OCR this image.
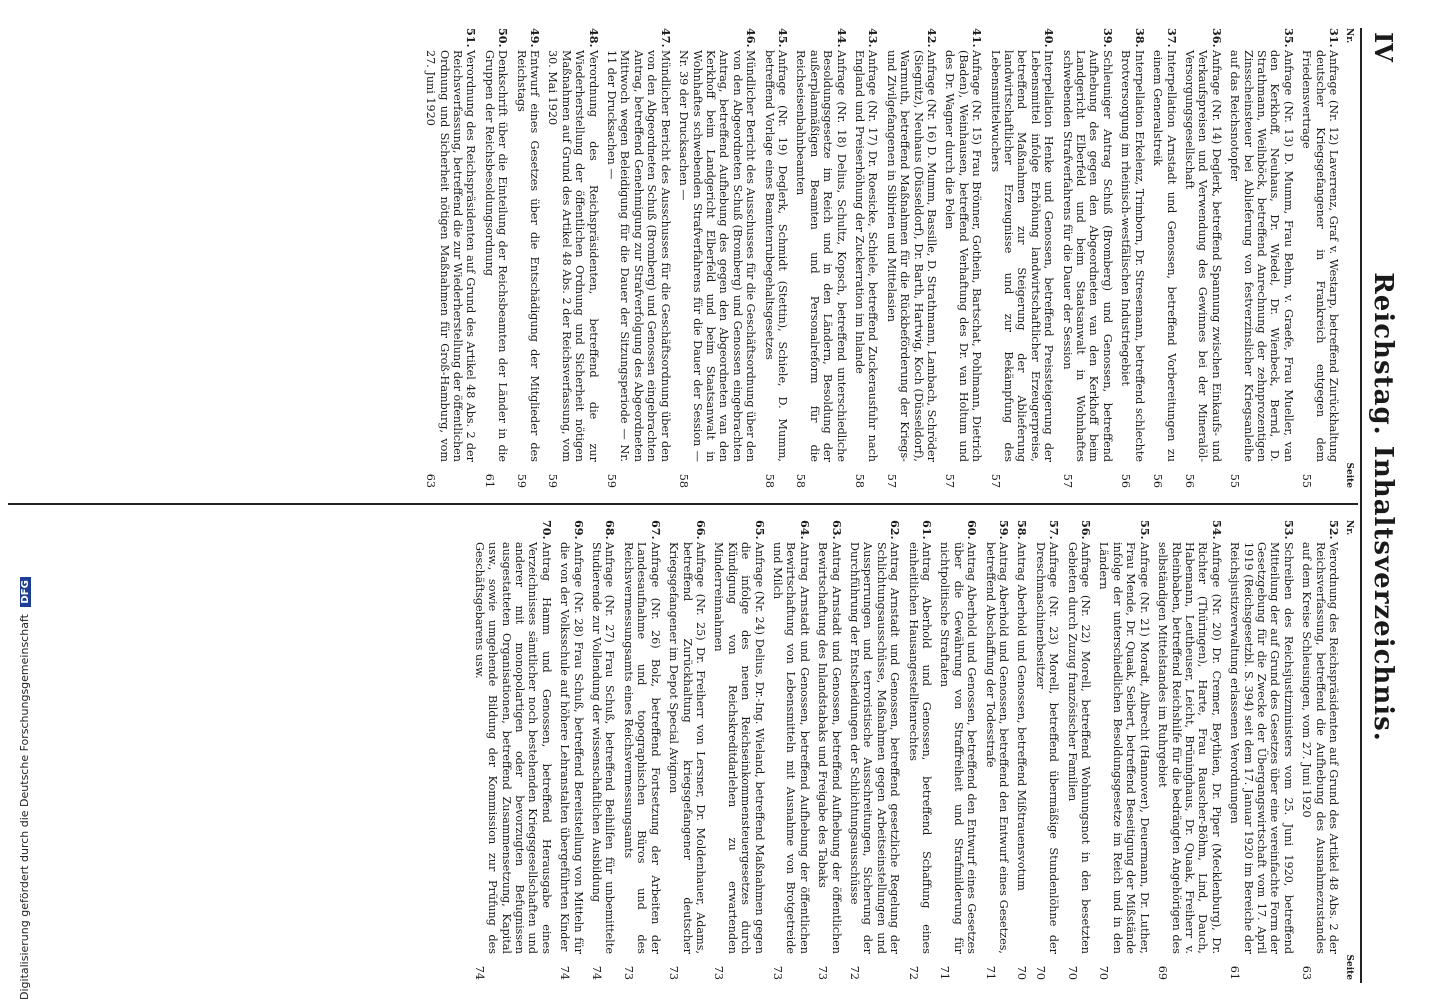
IV
Reichstag. Inhaltsverzeichnis.
Nr.
Seite
31.
Anfrage (Nr. 12) Laverrenz, Graf v. Westarp, betreffend Zurückhaltung deutscher Kriegsgefangener in Frankreich entgegen dem Friedensvertrage
55
35.
Anfrage (Nr. 13) D. Mumm, Frau Behm, v. Graefe, Frau Mueller, van den Kerkhoff, Neuhaus, Dr. Wiedel, Dr. Wienbeck, Bernd, D. Strathmann, Weilnböck, betreffend Anrechnung der zehnprozentigen Zinsscheinsteuer bei Ablieferung von festverzinslicher Kriegsanleihe auf das Reichsnotopfer
55
36.
Anfrage (Nr. 14) Deglerk, betreffend Spannung zwischen Einkaufs- und Verkaufspreisen und Verwendung des Gewinnes bei der Mineralöl-Versorgungsgesellschaft
56
37.
Interpellation Arnstadt und Genossen, betreffend Vorbereitungen zu einem Generalstreik
56
38.
Interpellation Erkelenz, Trimborn, Dr. Stresemann, betreffend schlechte Brotversorgung im rheinisch-westfälischen Industriegebiet
56
39.
Schleuniger Antrag Schuß (Bromberg) und Genossen, betreffend Aufhebung des gegen den Abgeordneten van den Kerkhoff beim Landgericht Elberfeld und beim Staatsanwalt in Wohnhaftes schwebenden Strafverfahrens für die Dauer der Session
57
40.
Interpellation Henke und Genossen, betreffend Preissteigerung der Lebensmittel infolge Erhöhung landwirtschaftlicher Erzeugerpreise, betreffend Maßnahmen zur Steigerung der Ablieferung landwirtschaftlicher Erzeugnisse und zur Bekämpfung des Lebensmittelwuchers
57
41.
Anfrage (Nr. 15) Frau Brönner, Gothein, Bartschat, Pohlmann, Dietrich (Baden), Weinhausen, betreffend Verhaftung des Dr. van Holtum und des Dr. Wagner durch die Polen
57
42.
Anfrage (Nr. 16) D. Mumm, Bassille, D. Strathmann, Lambach, Schröder (Siegnitz), Neuhaus (Düsseldorf), Dr. Barth, Hartwig, Koch (Düsseldorf), Warmuth, betreffend Maßnahmen für die Rückbeförderung der Kriegs- und Zivilgefangenen in Sibirien und Mittelasien
57
43.
Anfrage (Nr. 17) Dr. Roesicke, Schiele, betreffend Zuckerausfuhr nach England und Preiserhöhung der Zuckerration im Inlande
58
44.
Anfrage (Nr. 18) Delius, Schultz, Kopsch, betreffend unterschiedliche Besoldungsgesetze im Reich und in den Ländern, Besoldung der außerplanmäßigen Beamten und Personalreform für die Reichseisenbahnbeamten
58
45.
Anfrage (Nr. 19) Deglerk, Schmidt (Stettin), Schiele, D. Mumm, betreffend Vorlage eines Beamtenrubegehaltsgesetzes
58
46.
Mündlicher Bericht des Ausschusses für die Geschäftsordnung über den von den Abgeordneten Schuß (Bromberg) und Genossen eingebrachten Antrag, betreffend Aufhebung des gegen den Abgeordneten van den Kerkhoff beim Landgericht Elberfeld und beim Staatsanwalt in Wohnhaftes schwebenden Strafverfahrens für die Dauer der Session — Nr. 39 der Drucksachen —
58
47.
Mündlicher Bericht des Ausschusses für die Geschäftsordnung über den von den Abgeordneten Schuß (Bromberg) und Genossen eingebrachten Antrag, betreffend Genehmigung zur Strafverfolgung des Abgeordneten Mittwoch wegen Beleidigung für die Dauer der Sitzungsperiode — Nr. 11 der Drucksachen —
59
48.
Verordnung des Reichspräsidenten, betreffend die zur Wiederherstellung der öffentlichen Ordnung und Sicherheit nötigen Maßnahmen auf Grund des Artikel 48 Abs. 2 der Reichsverfassung, vom 30. Mai 1920
59
49.
Entwurf eines Gesetzes über die Entschädigung der Mitglieder des Reichstags
59
50.
Denkschrift über die Einteilung der Reichsbeamten der Länder in die Gruppen der Reichsbesoldungsordnung
61
51.
Verordnung des Reichspräsidenten auf Grund des Artikel 48 Abs. 2 der Reichsverfassung, betreffend die zur Wiederherstellung der öffentlichen Ordnung und Sicherheit nötigen Maßnahmen für Groß-Hamburg, vom 27. Juni 1920
63
Nr.
Seite
52.
Verordnung des Reichspräsidenten auf Grund des Artikel 48 Abs. 2 der Reichsverfassung, betreffend die Aufhebung des Ausnahmezustandes auf dem Kreise Schleusingen, vom 27. Juni 1920
63
53.
Schreiben des Reichsjustizministers vom 25. Juni 1920, betreffend Mitteilung der auf Grund des Gesetzes über eine vereinfachte Form der Gesetzgebung für die Zwecke der Übergangswirtschaft vom 17. April 1919 (Reichsgesetzbl. S. 394) seit dem 17. Januar 1920 im Bereiche der Reichsjustizverwaltung erlassenen Verordnungen
61
54.
Anfrage (Nr. 20) Dr. Cremer, Beythien, Dr. Piper (Mecklenburg), Dr. Richter (Thüringen), Harte, Frau Rauscher-Böhm, Lind, Dauch, Habemann, Leutheuser, Leicht, Brüninghaus, Dr. Quaak, Freiherr v. Rheinbaben, betreffend Reichshilfe für die bedrängten Angehörigen des selbständigen Mittelstandes im Ruhrgebiet
69
55.
Anfrage (Nr. 21) Moradt, Albrecht (Hannover), Deuermann, Dr. Luther, Frau Mende, Dr. Quaak, Seibert, betreffend Beseitigung der Mißstände infolge der unterschiedlichen Besoldungsgesetze im Reich und in den Ländern
70
56.
Anfrage (Nr. 22) Morell, betreffend Wohnungsnot in den besetzten Gebieten durch Zuzug französischer Familien
70
57.
Anfrage (Nr. 23) Morell, betreffend übermäßige Stundenlöhne der Dreschmaschinenbesitzer
70
58.
Antrag Aberhold und Genossen, betreffend Mißtrauensvotum
70
59.
Antrag Aberhold und Genossen, betreffend den Entwurf eines Gesetzes, betreffend Abschaffung der Todesstrafe
71
60.
Antrag Aberhold und Genossen, betreffend den Entwurf eines Gesetzes über die Gewährung von Straffreiheit und Strafmilderung für nichtpolitische Straftaten
71
61.
Antrag Aberhold und Genossen, betreffend Schaffung eines einheitlichen Hausangestelltenrechtes
72
62.
Antrag Arnstadt und Genossen, betreffend gesetzliche Regelung der Schlichtungsausschüsse, Maßnahmen gegen Arbeitseinstellungen und Aussperrungen und terroristische Ausschreitungen, Sicherung der Durchführung der Entscheidungen der Schlichtungsausschüsse
72
63.
Antrag Arnstadt und Genossen, betreffend Aufhebung der öffentlichen Bewirtschaftung des Inlandstabaks und Freigabe des Tabaks
73
64.
Antrag Arnstadt und Genossen, betreffend Aufhebung der öffentlichen Bewirtschaftung von Lebensmitteln mit Ausnahme von Brotgetreide und Milch
73
65.
Anfrage (Nr. 24) Delius, Dr.-Ing. Wieland, betreffend Maßnahmen gegen die infolge des neuen Reichseinkommensteuergesetzes durch Kündigung von Reichskreditdarlehen zu erwartenden Minderreinnahmen
73
66.
Anfrage (Nr. 25) Dr. Freiherr von Lersner, Dr. Moldenhauer, Adams, betreffend Zurückhaltung kriegsgefangener deutscher Kriegsgefangener im Depot Special Avignon
73
67.
Anfrage (Nr. 26) Bolz, betreffend Fortsetzung der Arbeiten der Landesaufnahme und topographischen Büros und des Reichsvermessungsamts eines Reichsvermessungsamts
73
68.
Anfrage (Nr. 27) Frau Schuß, betreffend Beihilfen für unbemittelte Studierende zur Vollendung der wissenschaftlichen Ausbildung
74
69.
Anfrage (Nr. 28) Frau Schuß, betreffend Bereitstellung von Mitteln für die von der Volksschule auf höhere Lehranstalten übergeführten Kinder
74
70.
Antrag Hamm und Genossen, betreffend Herausgabe eines Verzeichnisses sämtlicher noch bestehenden Kriegsgesellschaften und anderer mit monopolartigen oder bevorzugten Befugnissen ausgestatteten Organisationen, betreffend Zusammensetzung, Kapital usw., sowie umgehende Bildung der Kommission zur Prüfung des Geschäftsgebarens usw.
74
Digitalisierung gefördert durch die Deutsche Forschungsgemeinschaft DFG
